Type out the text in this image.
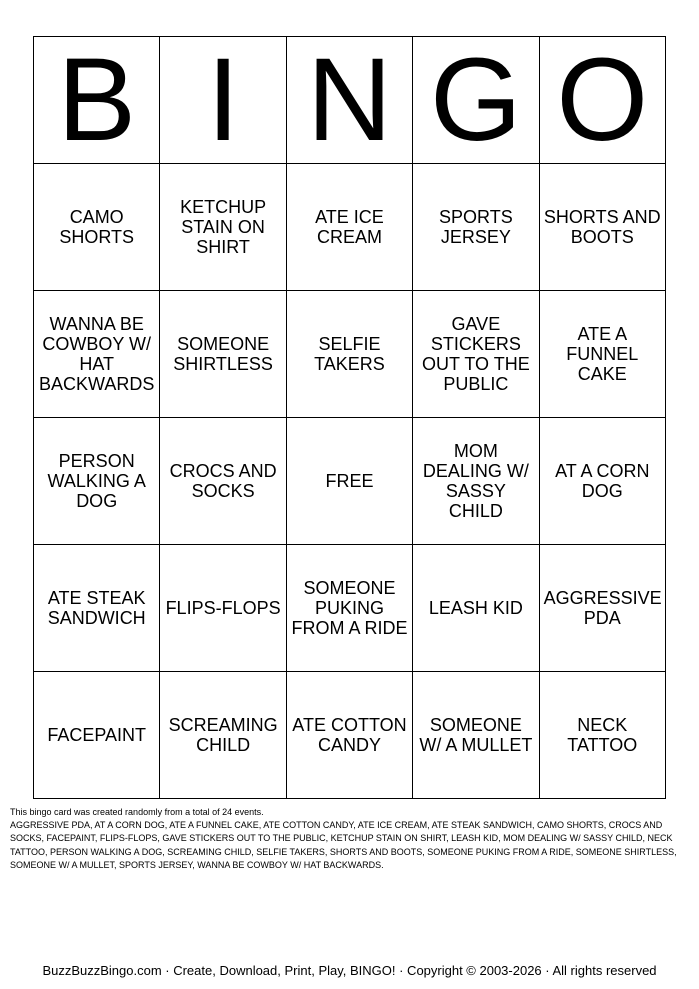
B	I	N	G	O
CAMO SHORTS	KETCHUP STAIN ON SHIRT	ATE ICE CREAM	SPORTS JERSEY	SHORTS AND BOOTS
WANNA BE COWBOY W/ HAT BACKWARDS	SOMEONE SHIRTLESS	SELFIE TAKERS	GAVE STICKERS OUT TO THE PUBLIC	ATE A FUNNEL CAKE
PERSON WALKING A DOG	CROCS AND SOCKS	FREE	MOM DEALING W/ SASSY CHILD	AT A CORN DOG
ATE STEAK SANDWICH	FLIPS-FLOPS	SOMEONE PUKING FROM A RIDE	LEASH KID	AGGRESSIVE PDA
FACEPAINT	SCREAMING CHILD	ATE COTTON CANDY	SOMEONE W/ A MULLET	NECK TATTOO

This bingo card was created randomly from a total of 24 events.

AGGRESSIVE PDA, AT A CORN DOG, ATE A FUNNEL CAKE, ATE COTTON CANDY, ATE ICE CREAM, ATE STEAK SANDWICH, CAMO SHORTS, CROCS AND SOCKS, FACEPAINT, FLIPS-FLOPS, GAVE STICKERS OUT TO THE PUBLIC, KETCHUP STAIN ON SHIRT, LEASH KID, MOM DEALING W/ SASSY CHILD, NECK TATTOO, PERSON WALKING A DOG, SCREAMING CHILD, SELFIE TAKERS, SHORTS AND BOOTS, SOMEONE PUKING FROM A RIDE, SOMEONE SHIRTLESS, SOMEONE W/ A MULLET, SPORTS JERSEY, WANNA BE COWBOY W/ HAT BACKWARDS.

BuzzBuzzBingo.com · Create, Download, Print, Play, BINGO! · Copyright © 2003-2026 · All rights reserved
